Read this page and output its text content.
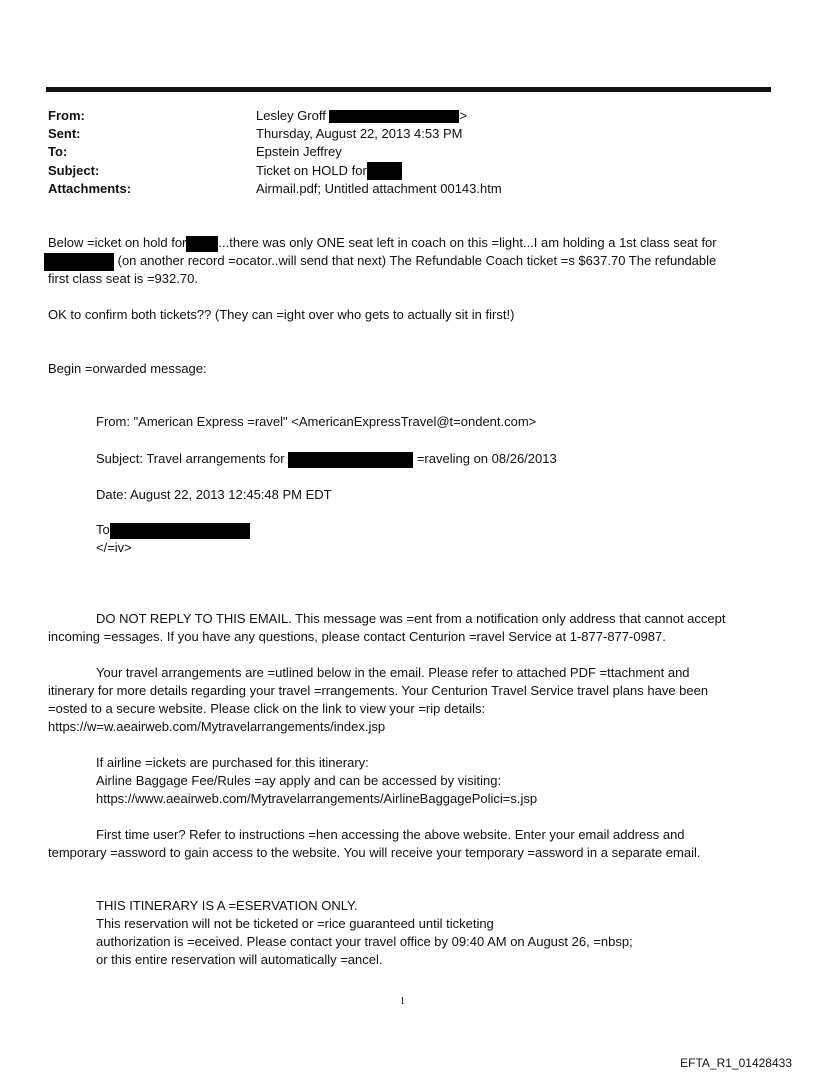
From:	Lesley Groff	>
Sent:	Thursday, August 22, 2013 4:53 PM
To:	Epstein Jeffrey
Subject:	Ticket on HOLD for
Attachments:	Airmail.pdf; Untitled attachment 00143.htm
Below =icket on hold for ...there was only ONE seat left in coach on this =light...I am holding a 1st class seat for
(on another record =ocator..will send that next) The Refundable Coach ticket =s $637.70 The refundable
first class seat is =932.70.
OK to confirm both tickets?? (They can =ight over who gets to actually sit in first!)
Begin =orwarded message:
From: "American Express =ravel" <AmericanExpressTravel@t=ondent.com>
Subject: Travel arrangements for	=raveling on 08/26/2013
Date: August 22, 2013 12:45:48 PM EDT
To
</=iv>
DO NOT REPLY TO THIS EMAIL. This message was =ent from a notification only address that cannot accept
incoming =essages. If you have any questions, please contact Centurion =ravel Service at 1-877-877-0987.
Your travel arrangements are =utlined below in the email. Please refer to attached PDF =ttachment and
itinerary for more details regarding your travel =rrangements. Your Centurion Travel Service travel plans have been
=osted to a secure website. Please click on the link to view your =rip details:
https://w=w.aeairweb.com/Mytravelarrangements/index.jsp
If airline =ickets are purchased for this itinerary:
Airline Baggage Fee/Rules =ay apply and can be accessed by visiting:
https://www.aeairweb.com/Mytravelarrangements/AirlineBaggagePolici=s.jsp
First time user? Refer to instructions =hen accessing the above website. Enter your email address and
temporary =assword to gain access to the website. You will receive your temporary =assword in a separate email.
THIS ITINERARY IS A =ESERVATION ONLY.
This reservation will not be ticketed or =rice guaranteed until ticketing
authorization is =eceived. Please contact your travel office by 09:40 AM on August 26, =nbsp;
or this entire reservation will automatically =ancel.
1
EFTA_R1_01428433
